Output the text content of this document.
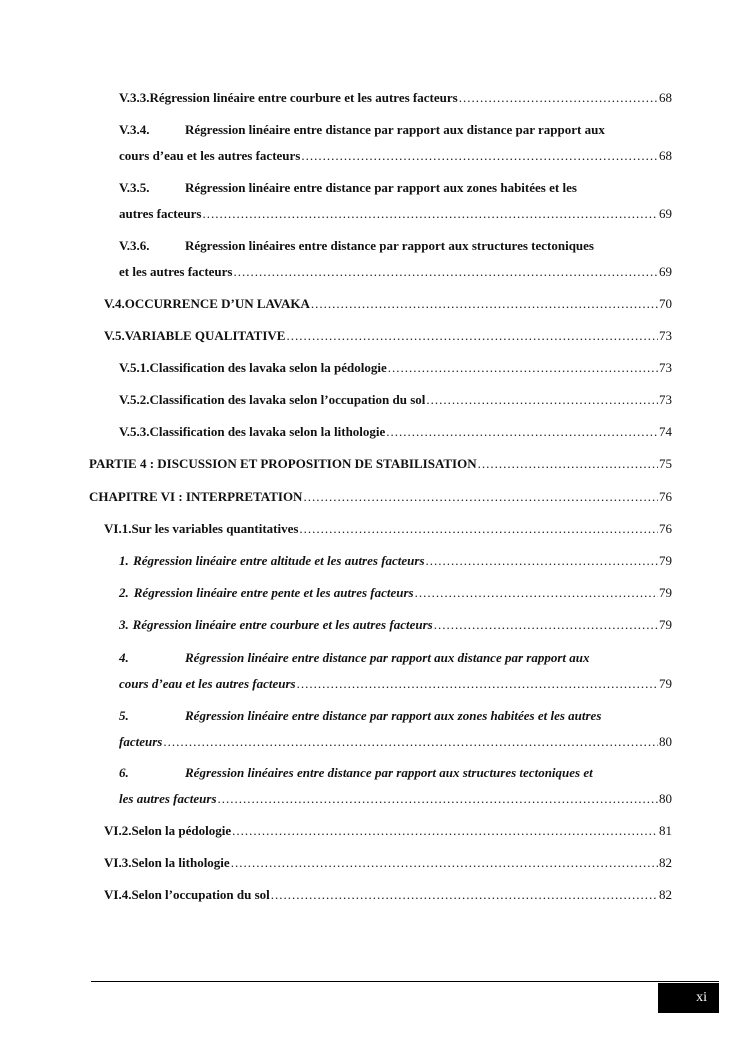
V.3.3. Régression linéaire entre courbure et les autres facteurs .....	68
V.3.4.	Régression linéaire entre distance par rapport aux distance par rapport aux
cours d’eau et les autres facteurs .....	68
V.3.5.	Régression linéaire entre distance par rapport aux zones habitées et les
autres facteurs .....	69
V.3.6.	Régression linéaires entre distance par rapport aux structures tectoniques
et les autres facteurs .....	69
V.4. OCCURRENCE D’UN LAVAKA .....	70
V.5. VARIABLE QUALITATIVE .....	73
V.5.1. Classification des lavaka selon la pédologie .....	73
V.5.2. Classification des lavaka selon l’occupation du sol .....	73
V.5.3. Classification des lavaka selon la lithologie .....	74
PARTIE 4 : DISCUSSION ET PROPOSITION DE STABILISATION .....	75
CHAPITRE VI : INTERPRETATION .....	76
VI.1. Sur les variables quantitatives .....	76
1. Régression linéaire entre altitude et les autres facteurs .....	79
2. Régression linéaire entre pente et les autres facteurs .....	79
3. Régression linéaire entre courbure et les autres facteurs .....	79
4.	Régression linéaire entre distance par rapport aux distance par rapport aux
cours d’eau et les autres facteurs .....	79
5.	Régression linéaire entre distance par rapport aux zones habitées et les autres
facteurs .....	80
6.	Régression linéaires entre distance par rapport aux structures tectoniques et
les autres facteurs .....	80
VI.2. Selon la pédologie .....	81
VI.3. Selon la lithologie .....	82
VI.4. Selon l’occupation du sol .....	82
xi
